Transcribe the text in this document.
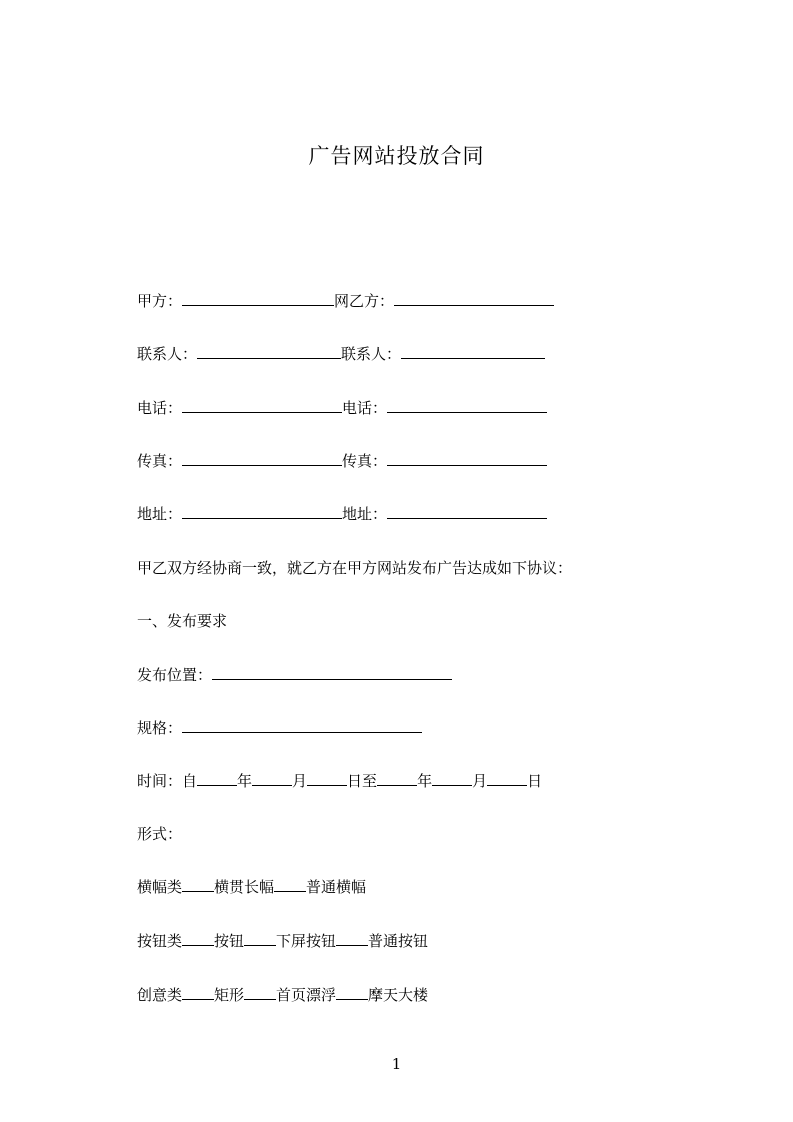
广告网站投放合同
甲方：	网乙方：
联系人：	联系人：
电话：	电话：
传真：	传真：
地址：	地址：
甲乙双方经协商一致，就乙方在甲方网站发布广告达成如下协议：
一、发布要求
发布位置：
规格：
时间：自	年	月	日至	年	月	日
形式：
横幅类 横贯长幅 普通横幅
按钮类 按钮 下屏按钮 普通按钮
创意类 矩形 首页漂浮 摩天大楼
1
